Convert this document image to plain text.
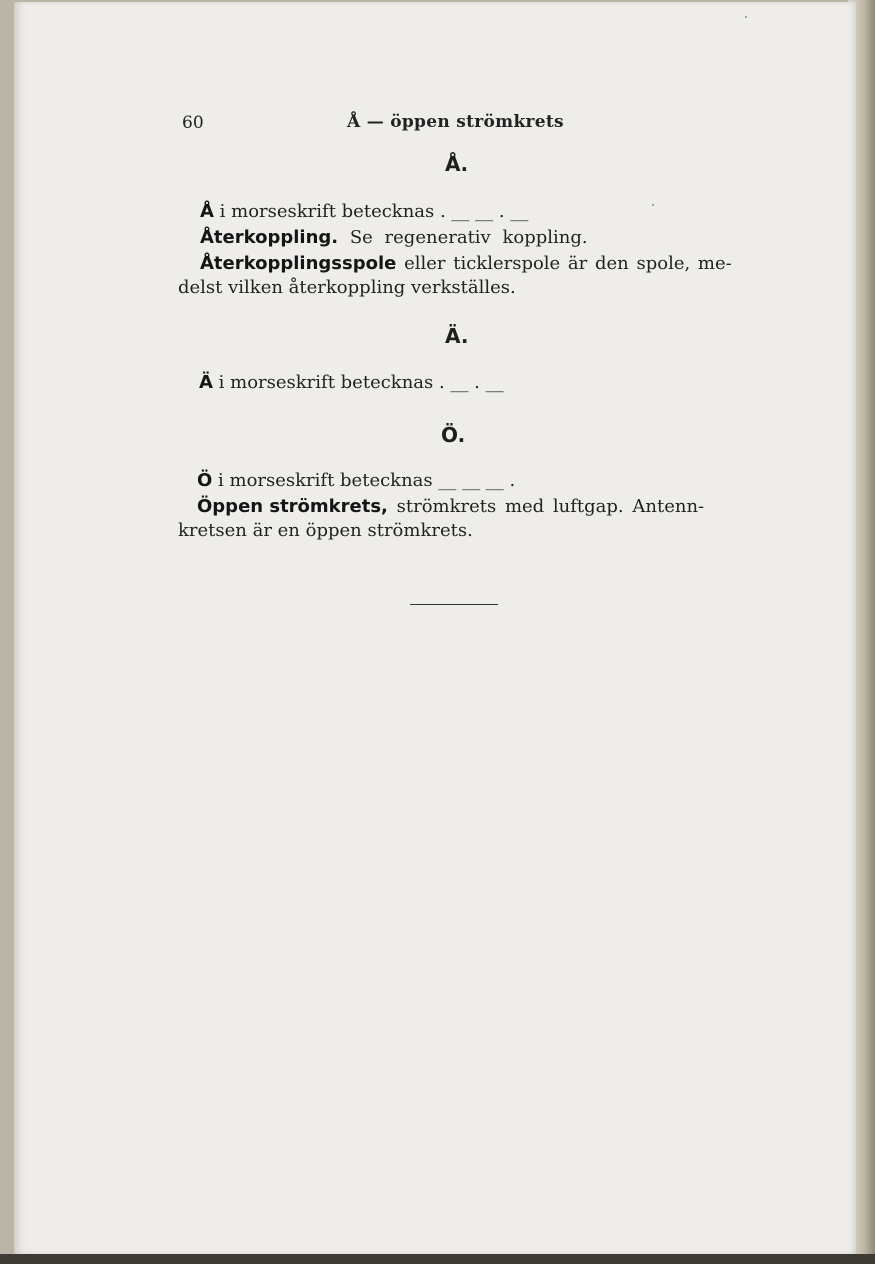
60	Å — öppen strömkrets
Å.
Å i morseskrift betecknas . __ __ . __
Återkoppling. Se regenerativ koppling.
Återkopplingsspole eller ticklerspole är den spole, me-
delst vilken återkoppling verkställes.
Ä.
Ä i morseskrift betecknas . __ . __
Ö.
Ö i morseskrift betecknas __ __ __ .
Öppen strömkrets, strömkrets med luftgap. Antenn-
kretsen är en öppen strömkrets.
